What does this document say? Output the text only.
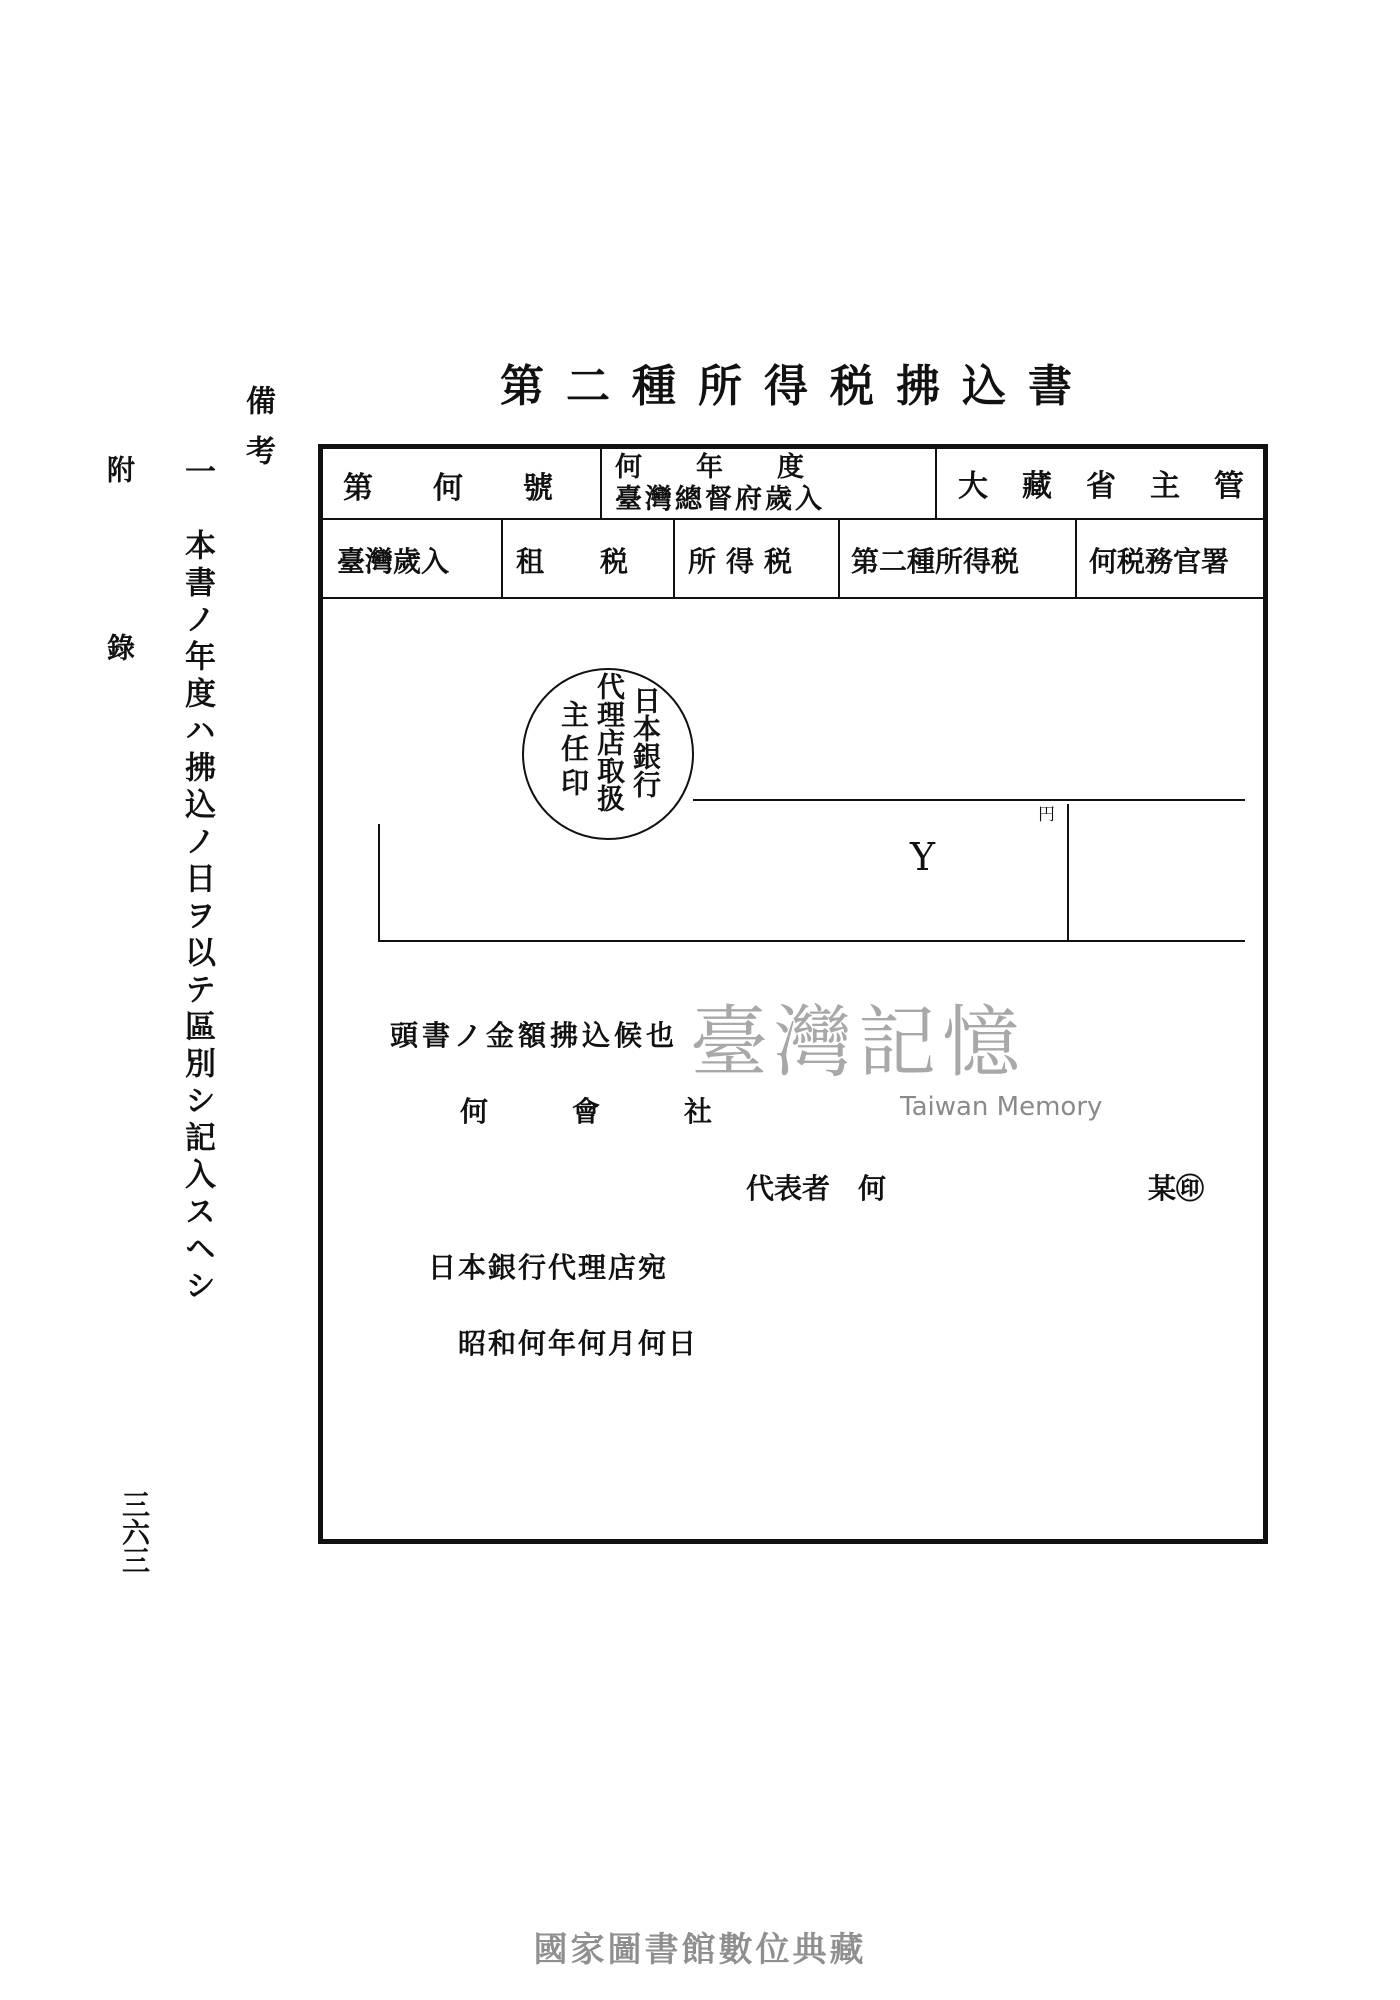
附錄
三六三
備考
一　本書ノ年度ハ拂込ノ日ヲ以テ區別シ記入スヘシ
第二種所得税拂込書
第　　何　　號
何　　年　　度
臺灣總督府歲入	大藏省主管
臺灣歲入 租　　税 所得税 第二種所得税 何税務官署
日本銀行
代理店取扱
主任印
Y
円
頭書ノ金額拂込候也
何　　　會　　　社
代表者　何	某㊞
日本銀行代理店宛
昭和何年何月何日
臺灣記憶
Taiwan Memory
國家圖書館數位典藏
